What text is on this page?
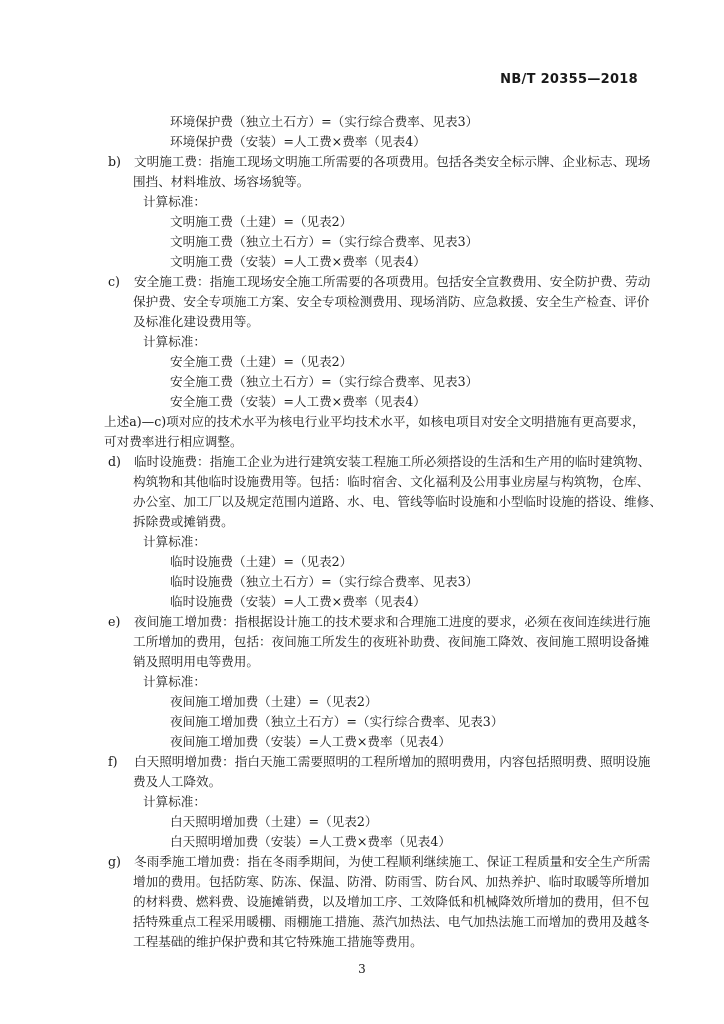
NB/T 20355—2018
环境保护费（独立土石方）=（实行综合费率、见表3）
环境保护费（安装）=人工费×费率（见表4）
b) 文明施工费：指施工现场文明施工所需要的各项费用。包括各类安全标示牌、企业标志、现场
围挡、材料堆放、场容场貌等。
计算标准：
文明施工费（土建）=（见表2）
文明施工费（独立土石方）=（实行综合费率、见表3）
文明施工费（安装）=人工费×费率（见表4）
c) 安全施工费：指施工现场安全施工所需要的各项费用。包括安全宣教费用、安全防护费、劳动
保护费、安全专项施工方案、安全专项检测费用、现场消防、应急救援、安全生产检查、评价
及标准化建设费用等。
计算标准：
安全施工费（土建）=（见表2）
安全施工费（独立土石方）=（实行综合费率、见表3）
安全施工费（安装）=人工费×费率（见表4）
上述a)—c)项对应的技术水平为核电行业平均技术水平，如核电项目对安全文明措施有更高要求，
可对费率进行相应调整。
d) 临时设施费：指施工企业为进行建筑安装工程施工所必须搭设的生活和生产用的临时建筑物、
构筑物和其他临时设施费用等。包括：临时宿舍、文化福利及公用事业房屋与构筑物，仓库、
办公室、加工厂以及规定范围内道路、水、电、管线等临时设施和小型临时设施的搭设、维修、
拆除费或摊销费。
计算标准：
临时设施费（土建）=（见表2）
临时设施费（独立土石方）=（实行综合费率、见表3）
临时设施费（安装）=人工费×费率（见表4）
e) 夜间施工增加费：指根据设计施工的技术要求和合理施工进度的要求，必须在夜间连续进行施
工所增加的费用，包括：夜间施工所发生的夜班补助费、夜间施工降效、夜间施工照明设备摊
销及照明用电等费用。
计算标准：
夜间施工增加费（土建）=（见表2）
夜间施工增加费（独立土石方）=（实行综合费率、见表3）
夜间施工增加费（安装）=人工费×费率（见表4）
f) 白天照明增加费：指白天施工需要照明的工程所增加的照明费用，内容包括照明费、照明设施
费及人工降效。
计算标准：
白天照明增加费（土建）=（见表2）
白天照明增加费（安装）=人工费×费率（见表4）
g) 冬雨季施工增加费：指在冬雨季期间，为使工程顺利继续施工、保证工程质量和安全生产所需
增加的费用。包括防寒、防冻、保温、防滑、防雨雪、防台风、加热养护、临时取暖等所增加
的材料费、燃料费、设施摊销费，以及增加工序、工效降低和机械降效所增加的费用，但不包
括特殊重点工程采用暖棚、雨棚施工措施、蒸汽加热法、电气加热法施工而增加的费用及越冬
工程基础的维护保护费和其它特殊施工措施等费用。
3
